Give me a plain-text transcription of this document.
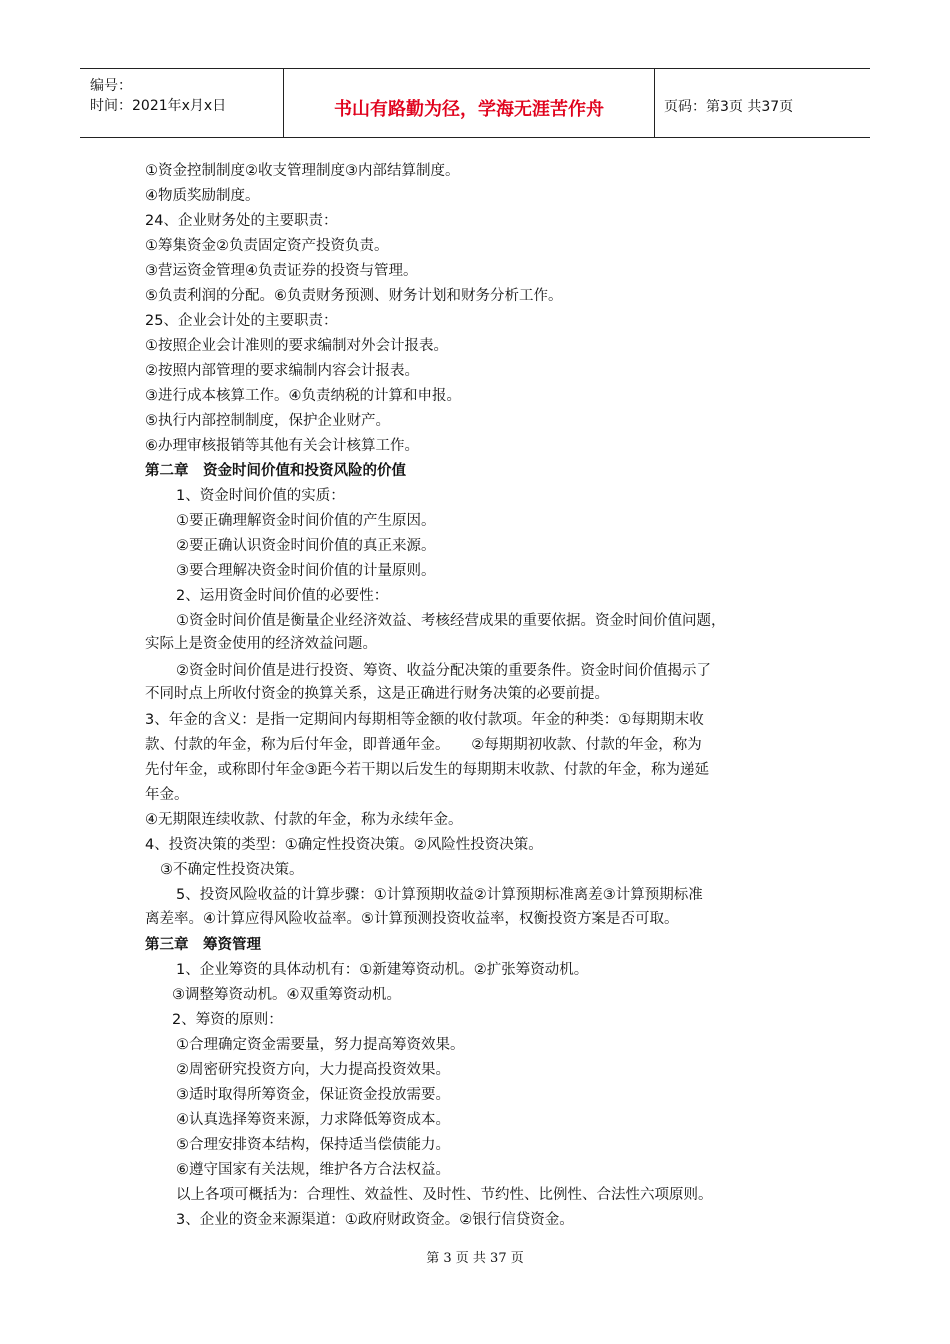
编号：
时间：2021年x月x日	书山有路勤为径，学海无涯苦作舟	页码：第3页 共37页
①资金控制制度②收支管理制度③内部结算制度。
④物质奖励制度。
24、企业财务处的主要职责：
①筹集资金②负责固定资产投资负责。
③营运资金管理④负责证券的投资与管理。
⑤负责利润的分配。⑥负责财务预测、财务计划和财务分析工作。
25、企业会计处的主要职责：
①按照企业会计准则的要求编制对外会计报表。
②按照内部管理的要求编制内容会计报表。
③进行成本核算工作。④负责纳税的计算和申报。
⑤执行内部控制制度，保护企业财产。
⑥办理审核报销等其他有关会计核算工作。
第二章　资金时间价值和投资风险的价值
1、资金时间价值的实质：
①要正确理解资金时间价值的产生原因。
②要正确认识资金时间价值的真正来源。
③要合理解决资金时间价值的计量原则。
2、运用资金时间价值的必要性：
①资金时间价值是衡量企业经济效益、考核经营成果的重要依据。资金时间价值问题，
实际上是资金使用的经济效益问题。
②资金时间价值是进行投资、筹资、收益分配决策的重要条件。资金时间价值揭示了
不同时点上所收付资金的换算关系，这是正确进行财务决策的必要前提。
3、年金的含义：是指一定期间内每期相等金额的收付款项。年金的种类：①每期期末收
款、付款的年金，称为后付年金，即普通年金。　　②每期期初收款、付款的年金，称为
先付年金，或称即付年金③距今若干期以后发生的每期期末收款、付款的年金，称为递延
年金。
④无期限连续收款、付款的年金，称为永续年金。
4、投资决策的类型：①确定性投资决策。②风险性投资决策。
③不确定性投资决策。
5、投资风险收益的计算步骤：①计算预期收益②计算预期标准离差③计算预期标准
离差率。④计算应得风险收益率。⑤计算预测投资收益率，权衡投资方案是否可取。
第三章　筹资管理
1、企业筹资的具体动机有：①新建筹资动机。②扩张筹资动机。
③调整筹资动机。④双重筹资动机。
2、筹资的原则：
①合理确定资金需要量，努力提高筹资效果。
②周密研究投资方向，大力提高投资效果。
③适时取得所筹资金，保证资金投放需要。
④认真选择筹资来源，力求降低筹资成本。
⑤合理安排资本结构，保持适当偿债能力。
⑥遵守国家有关法规，维护各方合法权益。
以上各项可概括为：合理性、效益性、及时性、节约性、比例性、合法性六项原则。
3、企业的资金来源渠道：①政府财政资金。②银行信贷资金。
第 3 页 共 37 页
